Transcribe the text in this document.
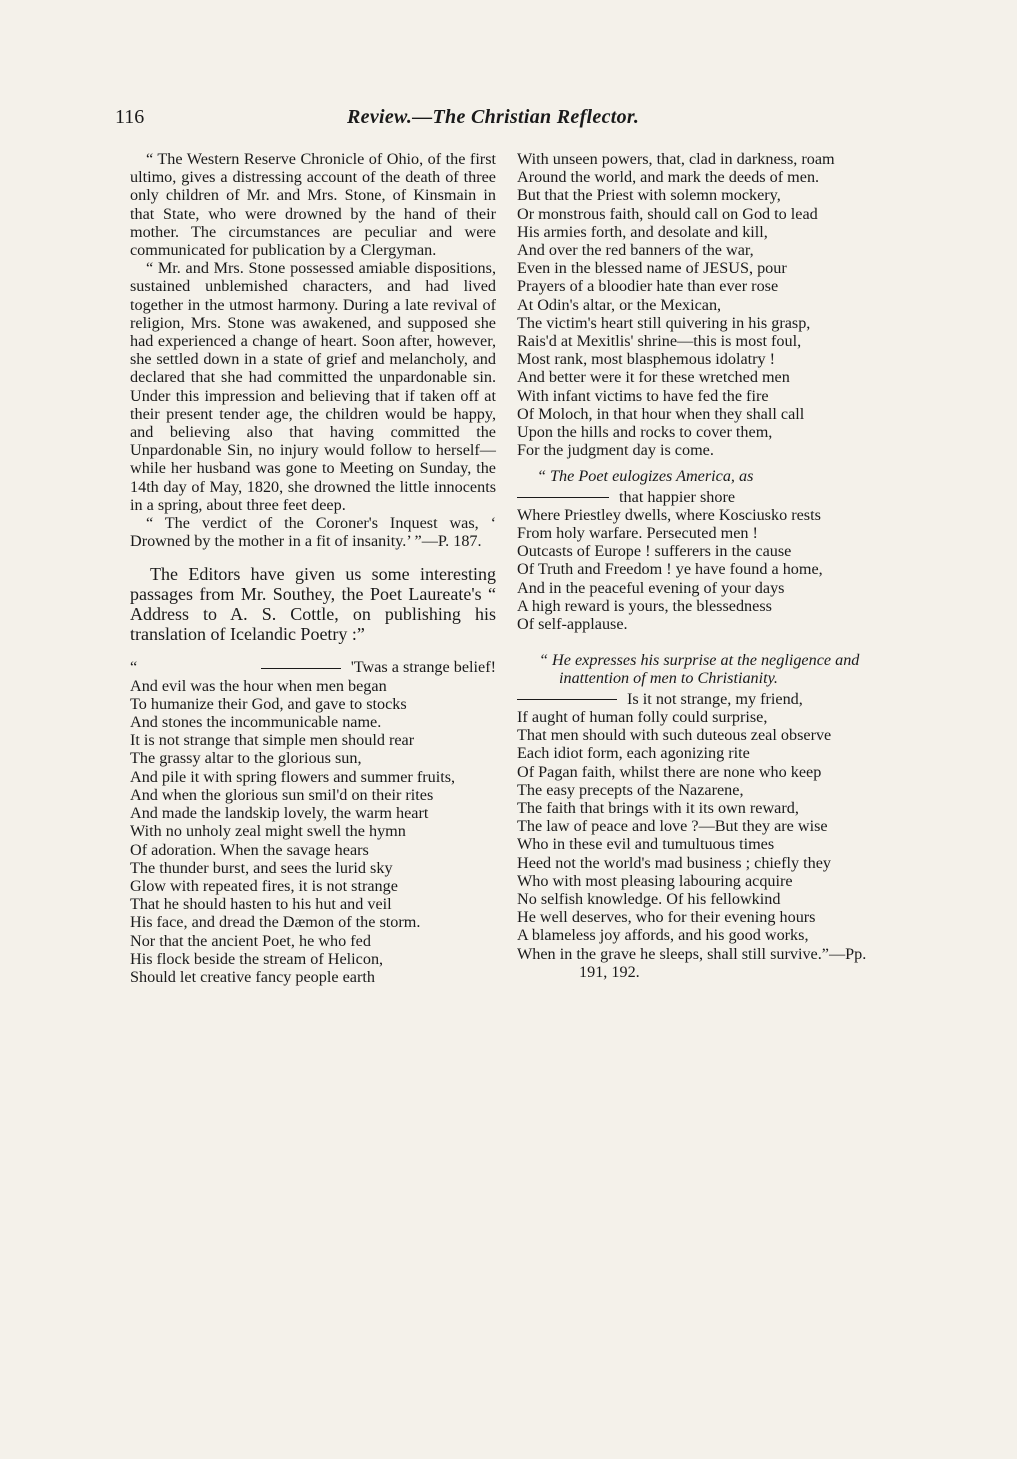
116	Review.—The Christian Reflector.

“ The Western Reserve Chronicle of Ohio, of the first ultimo, gives a distressing account of the death of three only children of Mr. and Mrs. Stone, of Kinsmain in that State, who were drowned by the hand of their mother. The circumstances are peculiar and were communicated for publication by a Clergyman.

“ Mr. and Mrs. Stone possessed amiable dispositions, sustained unblemished characters, and had lived together in the utmost harmony. During a late revival of religion, Mrs. Stone was awakened, and supposed she had experienced a change of heart. Soon after, however, she settled down in a state of grief and melancholy, and declared that she had committed the unpardonable sin. Under this impression and believing that if taken off at their present tender age, the children would be happy, and believing also that having committed the Unpardonable Sin, no injury would follow to herself—while her husband was gone to Meeting on Sunday, the 14th day of May, 1820, she drowned the little innocents in a spring, about three feet deep.

“ The verdict of the Coroner's Inquest was, ‘ Drowned by the mother in a fit of insanity.’ ”—P. 187.

The Editors have given us some interesting passages from Mr. Southey, the Poet Laureate's “ Address to A. S. Cottle, on publishing his translation of Icelandic Poetry :”

“	'Twas a strange belief!

And evil was the hour when men began

To humanize their God, and gave to stocks

And stones the incommunicable name.

It is not strange that simple men should rear

The grassy altar to the glorious sun,

And pile it with spring flowers and summer fruits,

And when the glorious sun smil'd on their rites

And made the landskip lovely, the warm heart

With no unholy zeal might swell the hymn

Of adoration. When the savage hears

The thunder burst, and sees the lurid sky

Glow with repeated fires, it is not strange

That he should hasten to his hut and veil

His face, and dread the Dæmon of the storm.

Nor that the ancient Poet, he who fed

His flock beside the stream of Helicon,

Should let creative fancy people earth

With unseen powers, that, clad in darkness, roam

Around the world, and mark the deeds of men.

But that the Priest with solemn mockery,

Or monstrous faith, should call on God to lead

His armies forth, and desolate and kill,

And over the red banners of the war,

Even in the blessed name of JESUS, pour

Prayers of a bloodier hate than ever rose

At Odin's altar, or the Mexican,

The victim's heart still quivering in his grasp,

Rais'd at Mexitlis' shrine—this is most foul,

Most rank, most blasphemous idolatry !

And better were it for these wretched men

With infant victims to have fed the fire

Of Moloch, in that hour when they shall call

Upon the hills and rocks to cover them,

For the judgment day is come.

“ The Poet eulogizes America, as

that happier shore

Where Priestley dwells, where Kosciusko rests

From holy warfare. Persecuted men !

Outcasts of Europe ! sufferers in the cause

Of Truth and Freedom ! ye have found a home,

And in the peaceful evening of your days

A high reward is yours, the blessedness

Of self-applause.

“ He expresses his surprise at the negligence and inattention of men to Christianity.

Is it not strange, my friend,

If aught of human folly could surprise,

That men should with such duteous zeal observe

Each idiot form, each agonizing rite

Of Pagan faith, whilst there are none who keep

The easy precepts of the Nazarene,

The faith that brings with it its own reward,

The law of peace and love ?—But they are wise

Who in these evil and tumultuous times

Heed not the world's mad business ; chiefly they

Who with most pleasing labouring acquire

No selfish knowledge. Of his fellowkind

He well deserves, who for their evening hours

A blameless joy affords, and his good works,

When in the grave he sleeps, shall still survive.”—Pp. 191, 192.
